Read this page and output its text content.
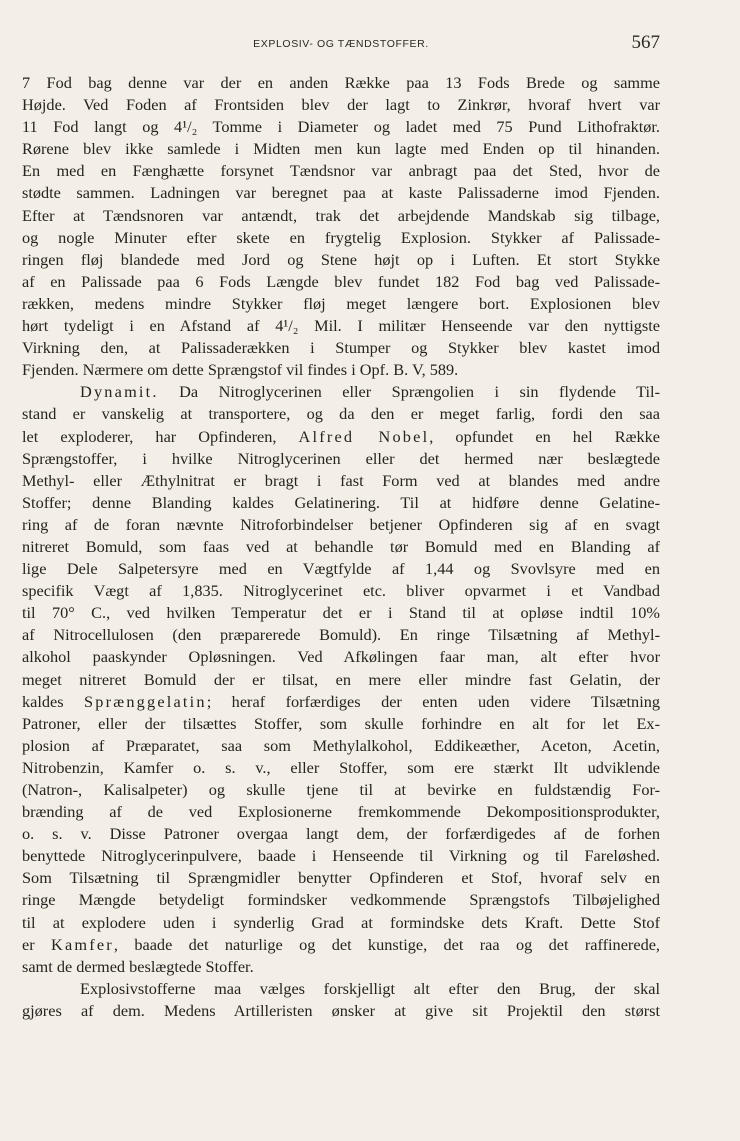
EXPLOSIV- OG TÆNDSTOFFER.	567
7 Fod bag denne var der en anden Række paa 13 Fods Brede og samme
Højde. Ved Foden af Frontsiden blev der lagt to Zinkrør, hvoraf hvert var
11 Fod langt og 4¹/₂ Tomme i Diameter og ladet med 75 Pund Lithofraktør.
Rørene blev ikke samlede i Midten men kun lagte med Enden op til hinanden.
En med en Fænghætte forsynet Tændsnor var anbragt paa det Sted, hvor de
stødte sammen. Ladningen var beregnet paa at kaste Palissaderne imod Fjenden.
Efter at Tændsnoren var antændt, trak det arbejdende Mandskab sig tilbage,
og nogle Minuter efter skete en frygtelig Explosion. Stykker af Palissade-
ringen fløj blandede med Jord og Stene højt op i Luften. Et stort Stykke
af en Palissade paa 6 Fods Længde blev fundet 182 Fod bag ved Palissade-
rækken, medens mindre Stykker fløj meget længere bort. Explosionen blev
hørt tydeligt i en Afstand af 4¹/₂ Mil. I militær Henseende var den nyttigste
Virkning den, at Palissaderækken i Stumper og Stykker blev kastet imod
Fjenden. Nærmere om dette Sprængstof vil findes i Opf. B. V, 589.
Dynamit. Da Nitroglycerinen eller Sprængolien i sin flydende Til-
stand er vanskelig at transportere, og da den er meget farlig, fordi den saa
let exploderer, har Opfinderen, Alfred Nobel, opfundet en hel Række
Sprængstoffer, i hvilke Nitroglycerinen eller det hermed nær beslægtede
Methyl- eller Æthylnitrat er bragt i fast Form ved at blandes med andre
Stoffer; denne Blanding kaldes Gelatinering. Til at hidføre denne Gelatine-
ring af de foran nævnte Nitroforbindelser betjener Opfinderen sig af en svagt
nitreret Bomuld, som faas ved at behandle tør Bomuld med en Blanding af
lige Dele Salpetersyre med en Vægtfylde af 1,44 og Svovlsyre med en
specifik Vægt af 1,835. Nitroglycerinet etc. bliver opvarmet i et Vandbad
til 70° C., ved hvilken Temperatur det er i Stand til at opløse indtil 10%
af Nitrocellulosen (den præparerede Bomuld). En ringe Tilsætning af Methyl-
alkohol paaskynder Opløsningen. Ved Afkølingen faar man, alt efter hvor
meget nitreret Bomuld der er tilsat, en mere eller mindre fast Gelatin, der
kaldes Sprænggelatin; heraf forfærdiges der enten uden videre Tilsætning
Patroner, eller der tilsættes Stoffer, som skulle forhindre en alt for let Ex-
plosion af Præparatet, saa som Methylalkohol, Eddikeæther, Aceton, Acetin,
Nitrobenzin, Kamfer o. s. v., eller Stoffer, som ere stærkt Ilt udviklende
(Natron-, Kalisalpeter) og skulle tjene til at bevirke en fuldstændig For-
brænding af de ved Explosionerne fremkommende Dekompositionsprodukter,
o. s. v. Disse Patroner overgaa langt dem, der forfærdigedes af de forhen
benyttede Nitroglycerinpulvere, baade i Henseende til Virkning og til Fareløshed.
Som Tilsætning til Sprængmidler benytter Opfinderen et Stof, hvoraf selv en
ringe Mængde betydeligt formindsker vedkommende Sprængstofs Tilbøjelighed
til at explodere uden i synderlig Grad at formindske dets Kraft. Dette Stof
er Kamfer, baade det naturlige og det kunstige, det raa og det raffinerede,
samt de dermed beslægtede Stoffer.
Explosivstofferne maa vælges forskjelligt alt efter den Brug, der skal
gjøres af dem. Medens Artilleristen ønsker at give sit Projektil den størst
